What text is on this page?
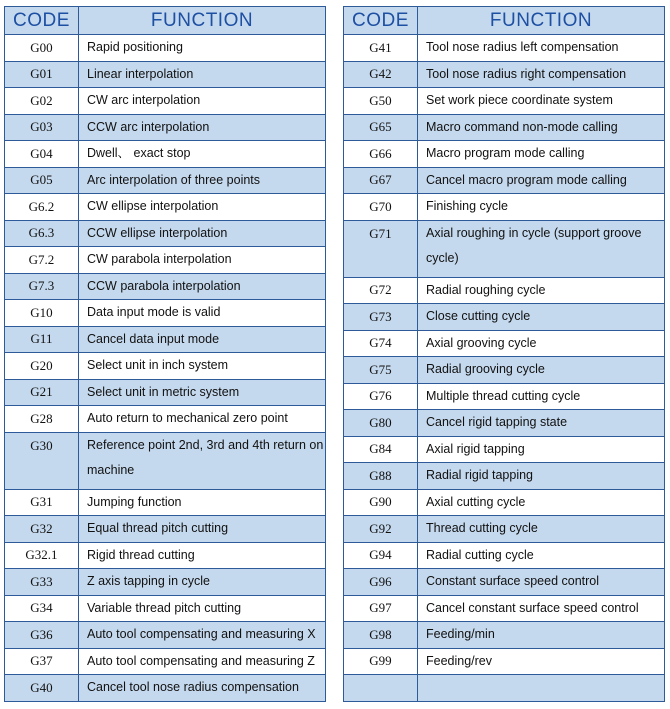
CODE	FUNCTION
G00	Rapid positioning
G01	Linear interpolation
G02	CW arc interpolation
G03	CCW arc interpolation
G04	Dwell、 exact stop
G05	Arc interpolation of three points
G6.2	CW ellipse interpolation
G6.3	CCW ellipse interpolation
G7.2	CW parabola interpolation
G7.3	CCW parabola interpolation
G10	Data input mode is valid
G11	Cancel data input mode
G20	Select unit in inch system
G21	Select unit in metric system
G28	Auto return to mechanical zero point
G30	Reference point 2nd, 3rd and 4th return on machine
G31	Jumping function
G32	Equal thread pitch cutting
G32.1	Rigid thread cutting
G33	Z axis tapping in cycle
G34	Variable thread pitch cutting
G36	Auto tool compensating and measuring X
G37	Auto tool compensating and measuring Z
G40	Cancel tool nose radius compensation
CODE	FUNCTION
G41	Tool nose radius left compensation
G42	Tool nose radius right compensation
G50	Set work piece coordinate system
G65	Macro command non-mode calling
G66	Macro program mode calling
G67	Cancel macro program mode calling
G70	Finishing cycle
G71	Axial roughing in cycle (support groove cycle)
G72	Radial roughing cycle
G73	Close cutting cycle
G74	Axial grooving cycle
G75	Radial grooving cycle
G76	Multiple thread cutting cycle
G80	Cancel rigid tapping state
G84	Axial rigid tapping
G88	Radial rigid tapping
G90	Axial cutting cycle
G92	Thread cutting cycle
G94	Radial cutting cycle
G96	Constant surface speed control
G97	Cancel constant surface speed control
G98	Feeding/min
G99	Feeding/rev
